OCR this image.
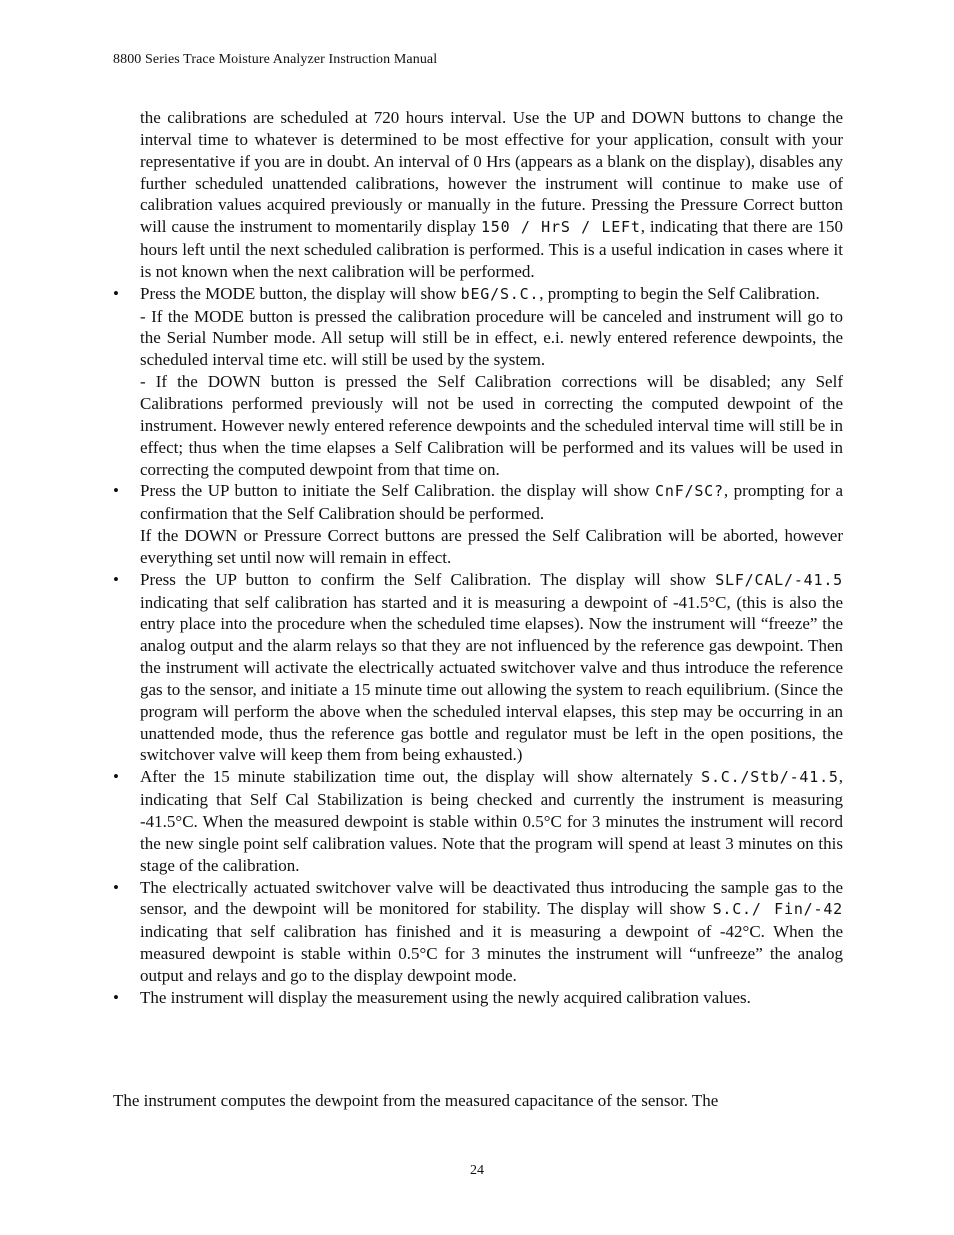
8800 Series Trace Moisture Analyzer Instruction Manual

the calibrations are scheduled at 720 hours interval. Use the UP and DOWN buttons to change the interval time to whatever is determined to be most effective for your application, consult with your representative if you are in doubt. An interval of 0 Hrs (appears as a blank on the display), disables any further scheduled unattended calibrations, however the instrument will continue to make use of calibration values acquired previously or manually in the future. Pressing the Pressure Correct button will cause the instrument to momentarily display 150 / HrS / LEFt, indicating that there are 150 hours left until the next scheduled calibration is performed. This is a useful indication in cases where it is not known when the next calibration will be performed.

•	Press the MODE button, the display will show bEG/S.C., prompting to begin the Self Calibration.

- If the MODE button is pressed the calibration procedure will be canceled and instrument will go to the Serial Number mode. All setup will still be in effect, e.i. newly entered reference dewpoints, the scheduled interval time etc. will still be used by the system.

- If the DOWN button is pressed the Self Calibration corrections will be disabled; any Self Calibrations performed previously will not be used in correcting the computed dewpoint of the instrument. However newly entered reference dewpoints and the scheduled interval time will still be in effect; thus when the time elapses a Self Calibration will be performed and its values will be used in correcting the computed dewpoint from that time on.

•	Press the UP button to initiate the Self Calibration. the display will show CnF/SC?, prompting for a confirmation that the Self Calibration should be performed.

If the DOWN or Pressure Correct buttons are pressed the Self Calibration will be aborted, however everything set until now will remain in effect.

•	Press the UP button to confirm the Self Calibration. The display will show SLF/CAL/-41.5 indicating that self calibration has started and it is measuring a dewpoint of -41.5°C, (this is also the entry place into the procedure when the scheduled time elapses). Now the instrument will “freeze” the analog output and the alarm relays so that they are not influenced by the reference gas dewpoint. Then the instrument will activate the electrically actuated switchover valve and thus introduce the reference gas to the sensor, and initiate a 15 minute time out allowing the system to reach equilibrium. (Since the program will perform the above when the scheduled interval elapses, this step may be occurring in an unattended mode, thus the reference gas bottle and regulator must be left in the open positions, the switchover valve will keep them from being exhausted.)

•	After the 15 minute stabilization time out, the display will show alternately S.C./Stb/-41.5, indicating that Self Cal Stabilization is being checked and currently the instrument is measuring -41.5°C. When the measured dewpoint is stable within 0.5°C for 3 minutes the instrument will record the new single point self calibration values. Note that the program will spend at least 3 minutes on this stage of the calibration.

•	The electrically actuated switchover valve will be deactivated thus introducing the sample gas to the sensor, and the dewpoint will be monitored for stability. The display will show S.C./ Fin/-42 indicating that self calibration has finished and it is measuring a dewpoint of -42°C. When the measured dewpoint is stable within 0.5°C for 3 minutes the instrument will “unfreeze” the analog output and relays and go to the display dewpoint mode.

•	The instrument will display the measurement using the newly acquired calibration values.

The instrument computes the dewpoint from the measured capacitance of the sensor. The

24
